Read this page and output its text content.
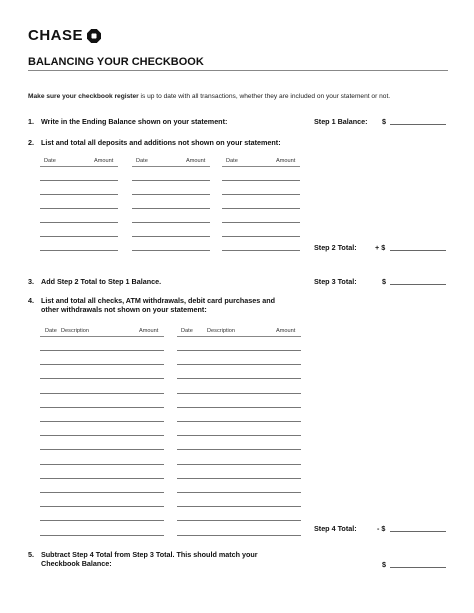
CHASE
BALANCING YOUR CHECKBOOK
Make sure your checkbook register is up to date with all transactions, whether they are included on your statement or not.
1. Write in the Ending Balance shown on your statement:	Step 1 Balance: $
2. List and total all deposits and additions not shown on your statement:
Date	Amount	Date	Amount	Date	Amount
Step 2 Total:	+ $
3. Add Step 2 Total to Step 1 Balance.	Step 3 Total:	$
4. List and total all checks, ATM withdrawals, debit card purchases and
other withdrawals not shown on your statement:
Date Description	Amount	Date	Description	Amount
Step 4 Total:	- $
5. Subtract Step 4 Total from Step 3 Total. This should match your
Checkbook Balance:	$
